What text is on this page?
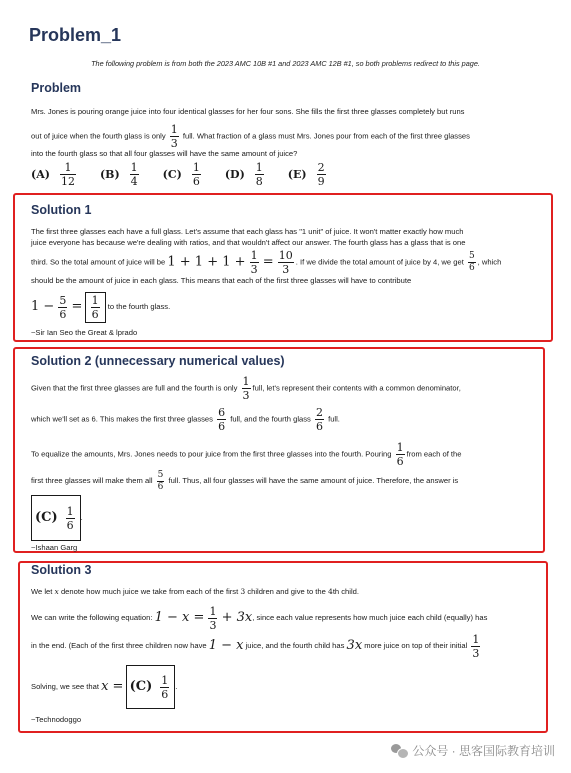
Problem_1
The following problem is from both the 2023 AMC 10B #1 and 2023 AMC 12B #1, so both problems redirect to this page.
Problem

Mrs. Jones is pouring orange juice into four identical glasses for her four sons. She fills the first three glasses completely but runs

out of juice when the fourth glass is only $\frac{1}{3}$ full. What fraction of a glass must Mrs. Jones pour from each of the first three glasses

into the fourth glass so that all four glasses will have the same amount of juice?

$(A) \frac{1}{12} (B) \frac{1}{4} (C) \frac{1}{6} (D) \frac{1}{8} (E) \frac{2}{9}$
Solution 1

The first three glasses each have a full glass. Let's assume that each glass has "1 unit" of juice. It won't matter exactly how much

juice everyone has because we're dealing with ratios, and that wouldn't affect our answer. The fourth glass has a glass that is one

third. So the total amount of juice will be $1 + 1 + 1 + \frac{1}{3} = \frac{10}{3}$ . If we divide the total amount of juice by 4, we get $\frac{5}{6}$ , which

should be the amount of juice in each glass. This means that each of the first three glasses will have to contribute

$1 - \frac{5}{6} = \frac{1}{6}$ to the fourth glass.

~Sir Ian Seo the Great & lprado

Solution 2 (unnecessary numerical values)

Given that the first three glasses are full and the fourth is only $\frac{1}{3}$ full, let's represent their contents with a common denominator,

which we'll set as 6. This makes the first three glasses $\frac{6}{6}$ full, and the fourth glass $\frac{2}{6}$ full.

To equalize the amounts, Mrs. Jones needs to pour juice from the first three glasses into the fourth. Pouring $\frac{1}{6}$ from each of the

first three glasses will make them all $\frac{5}{6}$ full. Thus, all four glasses will have the same amount of juice. Therefore, the answer is

$(C) \frac{1}{6}$ .

~Ishaan Garg

Solution 3

We let x denote how much juice we take from each of the first 3 children and give to the 4th child.

We can write the following equation: $1 - x = \frac{1}{3} + 3x$, since each value represents how much juice each child (equally) has

in the end. (Each of the first three children now have 1 − x juice, and the fourth child has 3x more juice on top of their initial $\frac{1}{3}$

Solving, we see that $x = (C) \frac{1}{6}$ .

~Technodoggo

公众号 · 思客国际教育培训
